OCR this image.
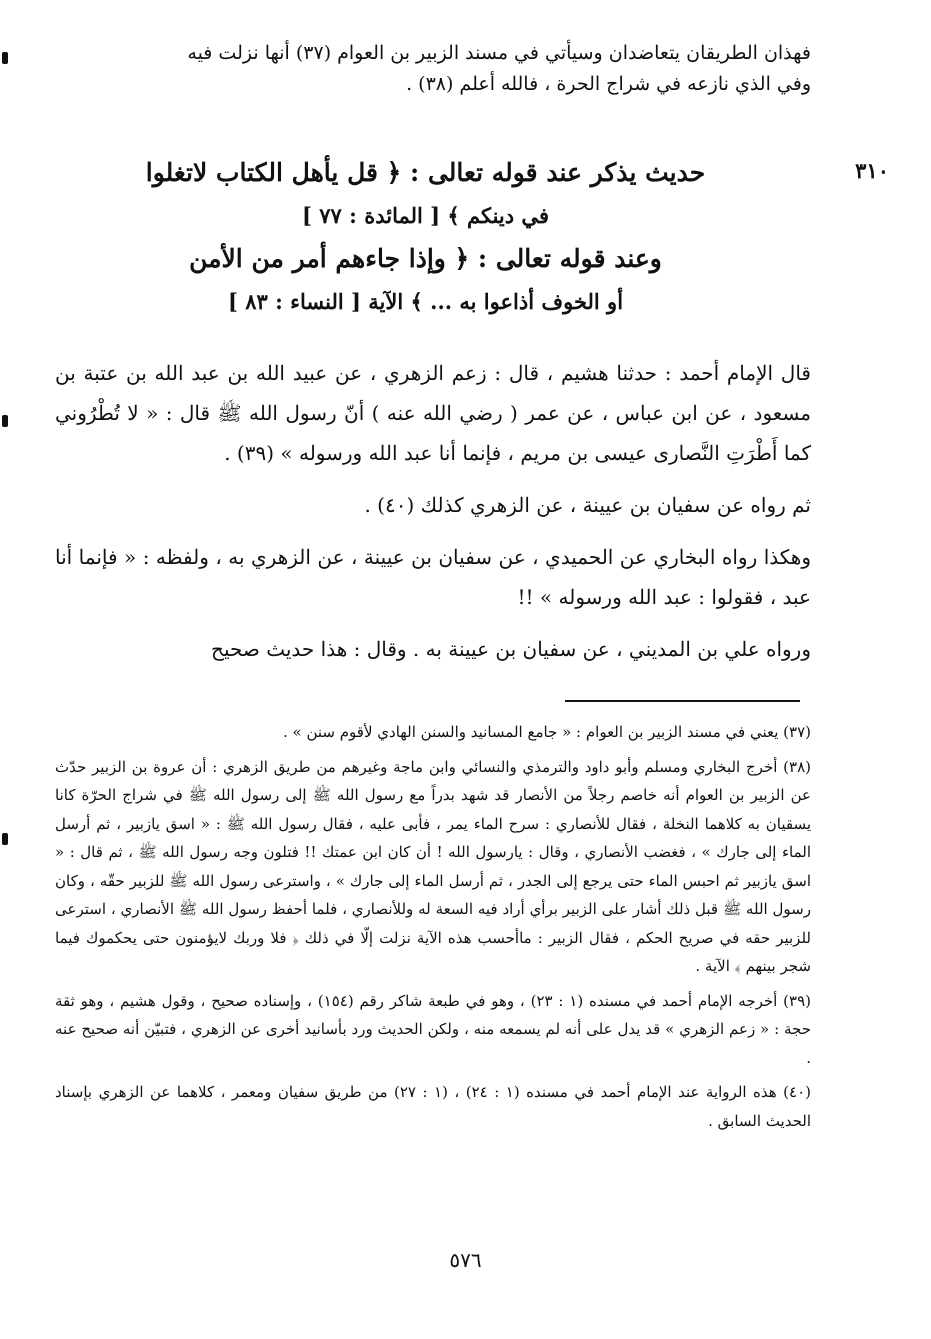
فهذان الطريقان يتعاضدان وسيأتي في مسند الزبير بن العوام (٣٧) أنها نزلت فيه

وفي الذي نازعه في شراج الحرة ، فالله أعلم (٣٨) .

٣١٠
حديث يذكر عند قوله تعالى : ﴿ قل يأهل الكتاب لاتغلوا
في دينكم ﴾ [ المائدة : ٧٧ ]
وعند قوله تعالى : ﴿ وإذا جاءهم أمر من الأمن
أو الخوف أذاعوا به ... ﴾ الآية [ النساء : ٨٣ ]

قال الإمام أحمد : حدثنا هشيم ، قال : زعم الزهري ، عن عبيد الله بن عبد الله بن عتبة بن مسعود ، عن ابن عباس ، عن عمر ( رضي الله عنه ) أنّ رسول الله ﷺ قال : « لا تُطْرُوني كما أَطْرَتِ النَّصارى عيسى بن مريم ، فإنما أنا عبد الله ورسوله » (٣٩) .

ثم رواه عن سفيان بن عيينة ، عن الزهري كذلك (٤٠) .

وهكذا رواه البخاري عن الحميدي ، عن سفيان بن عيينة ، عن الزهري به ، ولفظه : « فإنما أنا عبد ، فقولوا : عبد الله ورسوله » !!

ورواه علي بن المديني ، عن سفيان بن عيينة به . وقال : هذا حديث صحيح

(٣٧) يعني في مسند الزبير بن العوام : « جامع المسانيد والسنن الهادي لأقوم سنن » .

(٣٨) أخرج البخاري ومسلم وأبو داود والترمذي والنسائي وابن ماجة وغيرهم من طريق الزهري : أن عروة بن الزبير حدّث عن الزبير بن العوام أنه خاصم رجلاً من الأنصار قد شهد بدراً مع رسول الله ﷺ إلى رسول الله ﷺ في شراج الحرّة كانا يسقيان به كلاهما النخلة ، فقال للأنصاري : سرح الماء يمر ، فأبى عليه ، فقال رسول الله ﷺ : « اسق يازبير ، ثم أرسل الماء إلى جارك » ، فغضب الأنصاري ، وقال : يارسول الله ! أن كان ابن عمتك !! فتلون وجه رسول الله ﷺ ، ثم قال : « اسق يازبير ثم احبس الماء حتى يرجع إلى الجدر ، ثم أرسل الماء إلى جارك » ، واسترعى رسول الله ﷺ للزبير حقّه ، وكان رسول الله ﷺ قبل ذلك أشار على الزبير برأي أراد فيه السعة له وللأنصاري ، فلما أحفظ رسول الله ﷺ الأنصاري ، استرعى للزبير حقه في صريح الحكم ، فقال الزبير : ماأحسب هذه الآية نزلت إلّا في ذلك ﴿ فلا وربك لايؤمنون حتى يحكموك فيما شجر بينهم ﴾ الآية .

(٣٩) أخرجه الإمام أحمد في مسنده (١ : ٢٣) ، وهو في طبعة شاكر رقم (١٥٤) ، وإسناده صحيح ، وقول هشيم ، وهو ثقة حجة : « زعم الزهري » قد يدل على أنه لم يسمعه منه ، ولكن الحديث ورد بأسانيد أخرى عن الزهري ، فتبيّن أنه صحيح عنه .

(٤٠) هذه الرواية عند الإمام أحمد في مسنده (١ : ٢٤) ، (١ : ٢٧) من طريق سفيان ومعمر ، كلاهما عن الزهري بإسناد الحديث السابق .

٥٧٦
